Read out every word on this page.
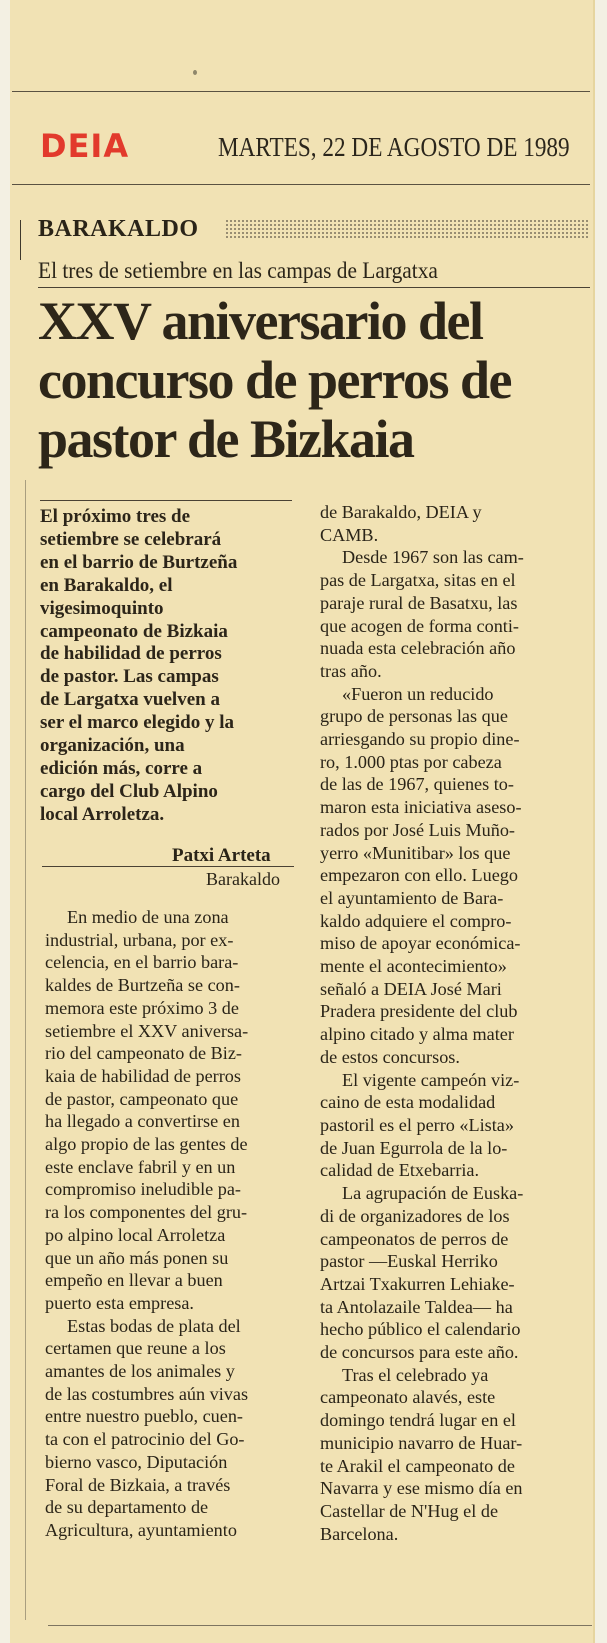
DEIA	MARTES, 22 DE AGOSTO DE 1989
BARAKALDO
El tres de setiembre en las campas de Largatxa
XXV aniversario del
concurso de perros de
pastor de Bizkaia
El próximo tres de
setiembre se celebrará
en el barrio de Burtzeña
en Barakaldo, el
vigesimoquinto
campeonato de Bizkaia
de habilidad de perros
de pastor. Las campas
de Largatxa vuelven a
ser el marco elegido y la
organización, una
edición más, corre a
cargo del Club Alpino
local Arroletza.
Patxi Arteta
Barakaldo
En medio de una zona
industrial, urbana, por ex-
celencia, en el barrio bara-
kaldes de Burtzeña se con-
memora este próximo 3 de
setiembre el XXV aniversa-
rio del campeonato de Biz-
kaia de habilidad de perros
de pastor, campeonato que
ha llegado a convertirse en
algo propio de las gentes de
este enclave fabril y en un
compromiso ineludible pa-
ra los componentes del gru-
po alpino local Arroletza
que un año más ponen su
empeño en llevar a buen
puerto esta empresa.
Estas bodas de plata del
certamen que reune a los
amantes de los animales y
de las costumbres aún vivas
entre nuestro pueblo, cuen-
ta con el patrocinio del Go-
bierno vasco, Diputación
Foral de Bizkaia, a través
de su departamento de
Agricultura, ayuntamiento
de Barakaldo, DEIA y
CAMB.
Desde 1967 son las cam-
pas de Largatxa, sitas en el
paraje rural de Basatxu, las
que acogen de forma conti-
nuada esta celebración año
tras año.
«Fueron un reducido
grupo de personas las que
arriesgando su propio dine-
ro, 1.000 ptas por cabeza
de las de 1967, quienes to-
maron esta iniciativa aseso-
rados por José Luis Muño-
yerro «Munitibar» los que
empezaron con ello. Luego
el ayuntamiento de Bara-
kaldo adquiere el compro-
miso de apoyar económica-
mente el acontecimiento»
señaló a DEIA José Mari
Pradera presidente del club
alpino citado y alma mater
de estos concursos.
El vigente campeón viz-
caino de esta modalidad
pastoril es el perro «Lista»
de Juan Egurrola de la lo-
calidad de Etxebarria.
La agrupación de Euska-
di de organizadores de los
campeonatos de perros de
pastor —Euskal Herriko
Artzai Txakurren Lehiake-
ta Antolazaile Taldea— ha
hecho público el calendario
de concursos para este año.
Tras el celebrado ya
campeonato alavés, este
domingo tendrá lugar en el
municipio navarro de Huar-
te Arakil el campeonato de
Navarra y ese mismo día en
Castellar de N'Hug el de
Barcelona.
